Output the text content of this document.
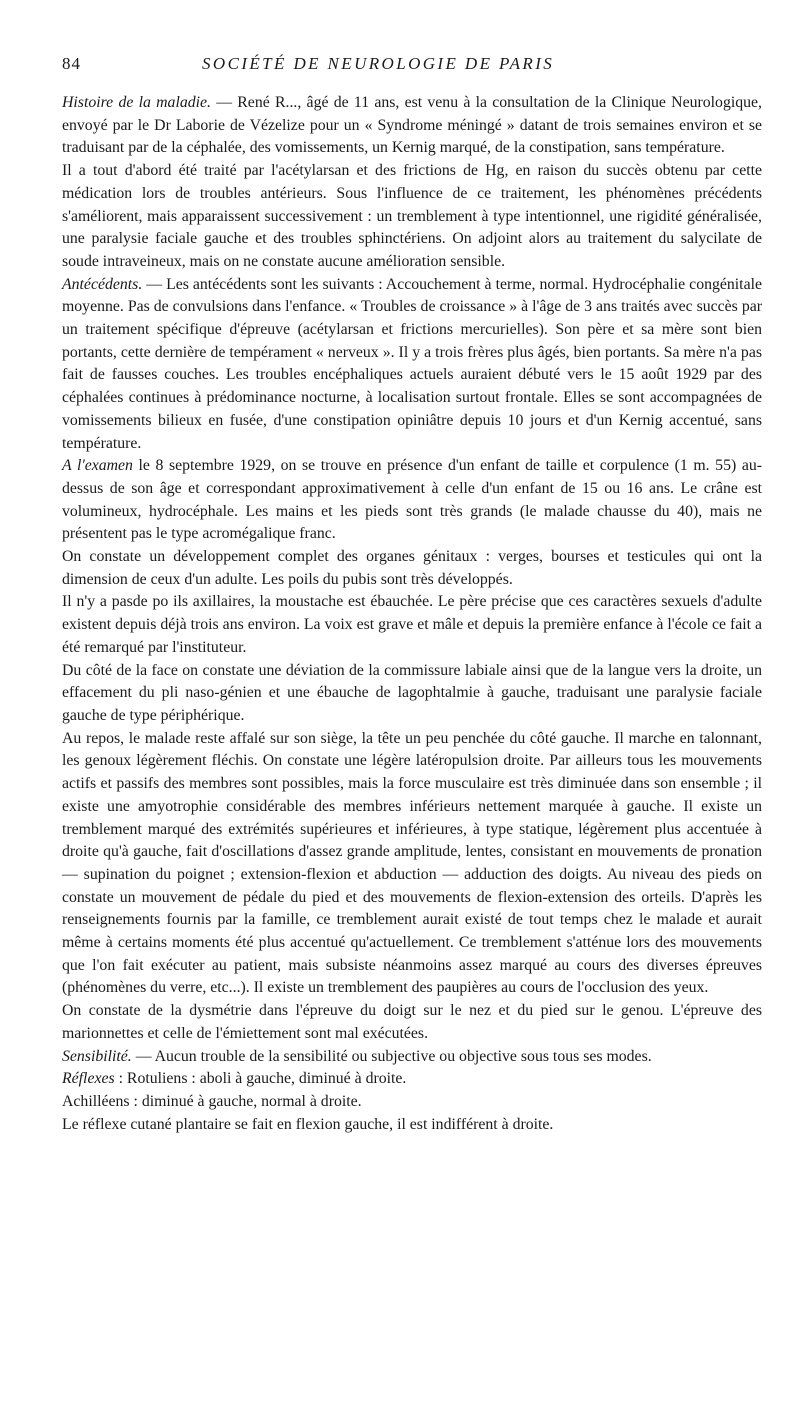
84	SOCIÉTÉ DE NEUROLOGIE DE PARIS

Histoire de la maladie. — René R..., âgé de 11 ans, est venu à la consultation de la Clinique Neurologique, envoyé par le Dr Laborie de Vézelize pour un « Syndrome méningé » datant de trois semaines environ et se traduisant par de la céphalée, des vomissements, un Kernig marqué, de la constipation, sans température.

Il a tout d'abord été traité par l'acétylarsan et des frictions de Hg, en raison du succès obtenu par cette médication lors de troubles antérieurs. Sous l'influence de ce traitement, les phénomènes précédents s'améliorent, mais apparaissent successivement : un tremblement à type intentionnel, une rigidité généralisée, une paralysie faciale gauche et des troubles sphinctériens. On adjoint alors au traitement du salycilate de soude intraveineux, mais on ne constate aucune amélioration sensible.

Antécédents. — Les antécédents sont les suivants : Accouchement à terme, normal. Hydrocéphalie congénitale moyenne. Pas de convulsions dans l'enfance. « Troubles de croissance » à l'âge de 3 ans traités avec succès par un traitement spécifique d'épreuve (acétylarsan et frictions mercurielles). Son père et sa mère sont bien portants, cette dernière de tempérament « nerveux ». Il y a trois frères plus âgés, bien portants. Sa mère n'a pas fait de fausses couches. Les troubles encéphaliques actuels auraient débuté vers le 15 août 1929 par des céphalées continues à prédominance nocturne, à localisation surtout frontale. Elles se sont accompagnées de vomissements bilieux en fusée, d'une constipation opiniâtre depuis 10 jours et d'un Kernig accentué, sans température.

A l'examen le 8 septembre 1929, on se trouve en présence d'un enfant de taille et corpulence (1 m. 55) au-dessus de son âge et correspondant approximativement à celle d'un enfant de 15 ou 16 ans. Le crâne est volumineux, hydrocéphale. Les mains et les pieds sont très grands (le malade chausse du 40), mais ne présentent pas le type acromégalique franc.

On constate un développement complet des organes génitaux : verges, bourses et testicules qui ont la dimension de ceux d'un adulte. Les poils du pubis sont très développés.

Il n'y a pasde po ils axillaires, la moustache est ébauchée. Le père précise que ces caractères sexuels d'adulte existent depuis déjà trois ans environ. La voix est grave et mâle et depuis la première enfance à l'école ce fait a été remarqué par l'instituteur.

Du côté de la face on constate une déviation de la commissure labiale ainsi que de la langue vers la droite, un effacement du pli naso-génien et une ébauche de lagophtalmie à gauche, traduisant une paralysie faciale gauche de type périphérique.

Au repos, le malade reste affalé sur son siège, la tête un peu penchée du côté gauche. Il marche en talonnant, les genoux légèrement fléchis. On constate une légère latéropulsion droite. Par ailleurs tous les mouvements actifs et passifs des membres sont possibles, mais la force musculaire est très diminuée dans son ensemble ; il existe une amyotrophie considérable des membres inférieurs nettement marquée à gauche. Il existe un tremblement marqué des extrémités supérieures et inférieures, à type statique, légèrement plus accentuée à droite qu'à gauche, fait d'oscillations d'assez grande amplitude, lentes, consistant en mouvements de pronation — supination du poignet ; extension-flexion et abduction — adduction des doigts. Au niveau des pieds on constate un mouvement de pédale du pied et des mouvements de flexion-extension des orteils. D'après les renseignements fournis par la famille, ce tremblement aurait existé de tout temps chez le malade et aurait même à certains moments été plus accentué qu'actuellement. Ce tremblement s'atténue lors des mouvements que l'on fait exécuter au patient, mais subsiste néanmoins assez marqué au cours des diverses épreuves (phénomènes du verre, etc...). Il existe un tremblement des paupières au cours de l'occlusion des yeux.

On constate de la dysmétrie dans l'épreuve du doigt sur le nez et du pied sur le genou. L'épreuve des marionnettes et celle de l'émiettement sont mal exécutées.

Sensibilité. — Aucun trouble de la sensibilité ou subjective ou objective sous tous ses modes.

Réflexes : Rotuliens : aboli à gauche, diminué à droite.

Achilléens : diminué à gauche, normal à droite.

Le réflexe cutané plantaire se fait en flexion gauche, il est indifférent à droite.
